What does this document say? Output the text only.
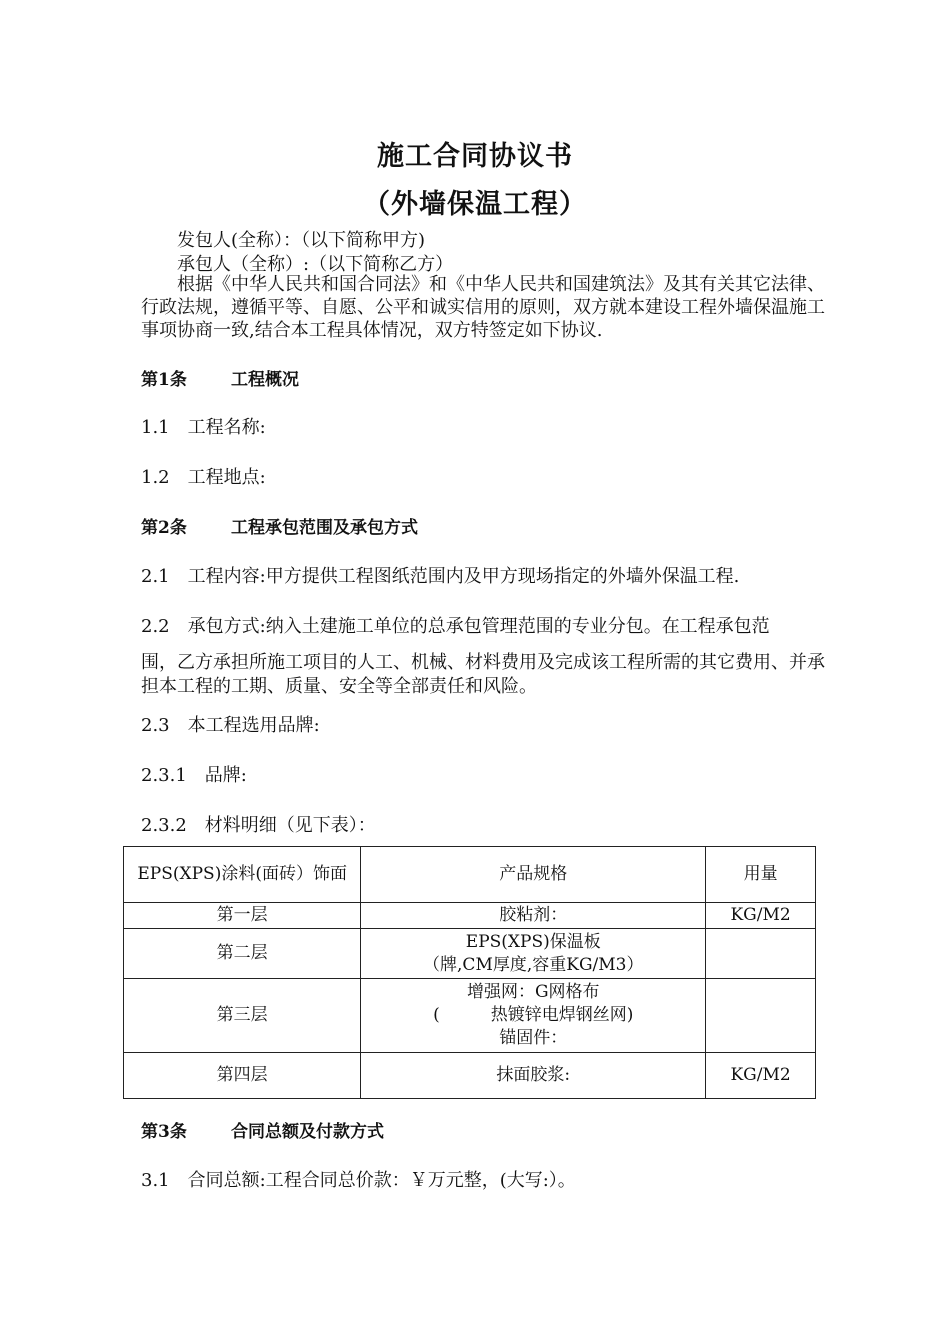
施工合同协议书
（外墙保温工程）
发包人(全称）：（以下简称甲方)
承包人（全称）:（以下简称乙方）
根据《中华人民共和国合同法》和《中华人民共和国建筑法》及其有关其它法律、行政法规，遵循平等、自愿、公平和诚实信用的原则，双方就本建设工程外墙保温施工事项协商一致,结合本工程具体情况，双方特签定如下协议.
第1条	工程概况
1.1　工程名称:
1.2　工程地点:
第2条	工程承包范围及承包方式
2.1　工程内容:甲方提供工程图纸范围内及甲方现场指定的外墙外保温工程.
2.2　承包方式:纳入土建施工单位的总承包管理范围的专业分包。在工程承包范
围，乙方承担所施工项目的人工、机械、材料费用及完成该工程所需的其它费用、并承担本工程的工期、质量、安全等全部责任和风险。
2.3　本工程选用品牌:
2.3.1　品牌:
2.3.2　材料明细（见下表）：
EPS(XPS)涂料(面砖）饰面	产品规格	用量
第一层	胶粘剂：	KG/M2
第二层	EPS(XPS)保温板
（牌,CM厚度,容重KG/M3）	

第三层	增强网：G网格布
(　　　热镀锌电焊钢丝网)
锚固件：	

第四层	抹面胶浆:	KG/M2
第3条	合同总额及付款方式
3.1　合同总额:工程合同总价款：￥万元整，(大写:）。
